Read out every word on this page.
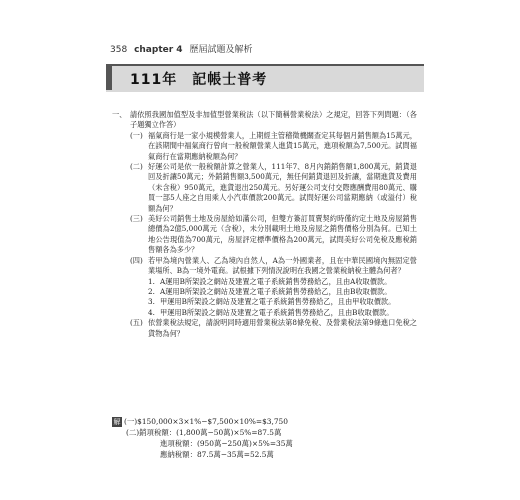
358 chapter 4 歷屆試題及解析
111年　記帳士普考
一、 請依照我國加值型及非加值型營業稅法（以下簡稱營業稅法）之規定，回答下列問題：（各子題獨立作答）
(一) 福氣商行是一家小規模營業人，上期經主管稽徵機關查定其每個月銷售額為15萬元，在該期間中福氣商行曾向一般稅額營業人進貨15萬元，進項稅額為7,500元。試問福氣商行在當期應納稅額為何？
(二) 好運公司是依一般稅額計算之營業人，111年7、8月內銷銷售額1,800萬元，銷貨退回及折讓50萬元；外銷銷售額3,500萬元，無任何銷貨退回及折讓，當期進貨及費用（未含稅）950萬元，進貨退出250萬元。另好運公司支付交際應酬費用80萬元、購買一部5人座之自用乘人小汽車價款200萬元。試問好運公司當期應納（或溢付）稅額為何？
(三) 美好公司銷售土地及房屋給如滿公司，但雙方簽訂買賣契約時僅約定土地及房屋銷售總價為2億5,000萬元（含稅），未分別載明土地及房屋之銷售價格分別為何。已知土地公告現值為700萬元，房屋評定標準價格為200萬元，試問美好公司免稅及應稅銷售額各為多少？
(四) 若甲為境內營業人、乙為境內自然人，A為一外國業者，且在中華民國境內無固定營業場所、B為一境外電商。試根據下列情況說明在我國之營業稅納稅主體為何者？
1. A運用B所架設之網站及建置之電子系統銷售勞務給乙，且由A收取價款。
2. A運用B所架設之網站及建置之電子系統銷售勞務給乙，且由B收取價款。
3. 甲運用B所架設之網站及建置之電子系統銷售勞務給乙，且由甲收取價款。
4. 甲運用B所架設之網站及建置之電子系統銷售勞務給乙，且由B收取價款。
(五) 依營業稅法規定，請說明同時適用營業稅法第8條免稅、及營業稅法第9條進口免稅之貨物為何？
解 (一)$150,000×3×1%−$7,500×10%=$3,750
(二)銷項稅額：(1,800萬−50萬)×5%=87.5萬
進項稅額：(950萬−250萬)×5%=35萬
應納稅額：87.5萬−35萬=52.5萬
